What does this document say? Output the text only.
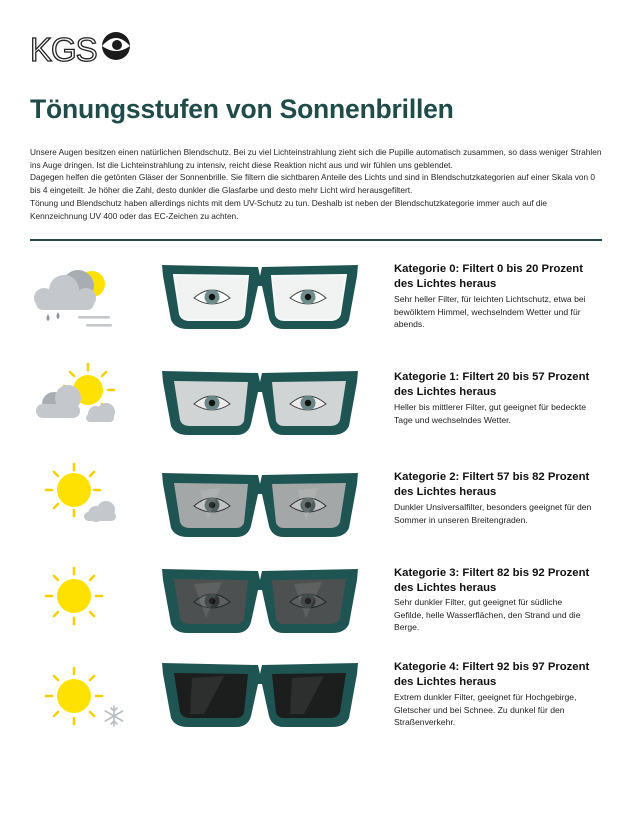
KGS
Tönungsstufen von Sonnenbrillen

Unsere Augen besitzen einen natürlichen Blendschutz. Bei zu viel Lichteinstrahlung zieht sich die Pupille automatisch zusammen, so dass weniger Strahlen ins Auge dringen. Ist die Lichteinstrahlung zu intensiv, reicht diese Reaktion nicht aus und wir fühlen uns geblendet.

Dagegen helfen die getönten Gläser der Sonnenbrille. Sie filtern die sichtbaren Anteile des Lichts und sind in Blendschutzkategorien auf einer Skala von 0 bis 4 eingeteilt. Je höher die Zahl, desto dunkler die Glasfarbe und desto mehr Licht wird herausgefiltert.

Tönung und Blendschutz haben allerdings nichts mit dem UV-Schutz zu tun. Deshalb ist neben der Blendschutzkategorie immer auch auf die Kennzeichnung UV 400 oder das EC-Zeichen zu achten.

Kategorie 0: Filtert 0 bis 20 Prozent des Lichtes heraus

Sehr heller Filter, für leichten Lichtschutz, etwa bei bewölktem Himmel, wechselndem Wetter und für abends.

Kategorie 1: Filtert 20 bis 57 Prozent des Lichtes heraus

Heller bis mittlerer Filter, gut geeignet für bedeckte Tage und wechselndes Wetter.

Kategorie 2: Filtert 57 bis 82 Prozent des Lichtes heraus

Dunkler Unsiversalfilter, besonders geeignet für den Sommer in unseren Breitengraden.

Kategorie 3: Filtert 82 bis 92 Prozent des Lichtes heraus

Sehr dunkler Filter, gut geeignet für südliche Gefilde, helle Wasserflächen, den Strand und die Berge.

Kategorie 4: Filtert 92 bis 97 Prozent des Lichtes heraus

Extrem dunkler Filter, geeignet für Hochgebirge, Gletscher und bei Schnee. Zu dunkel für den Straßenverkehr.
